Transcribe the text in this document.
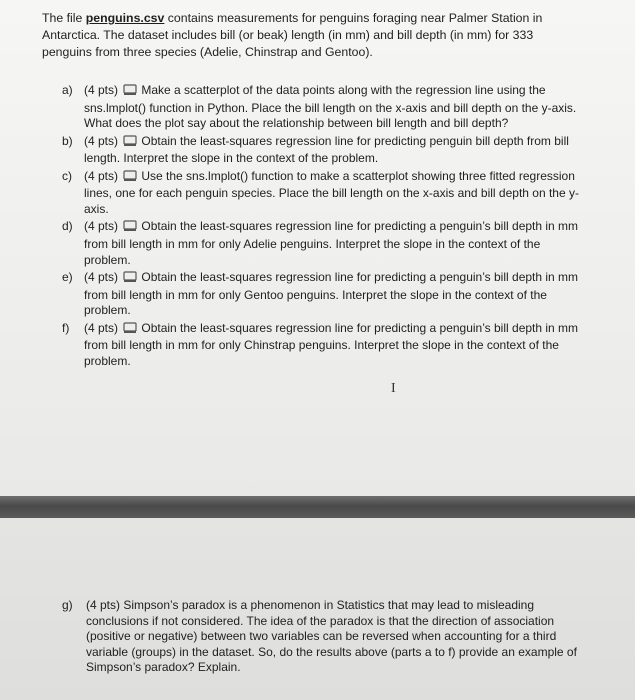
The file penguins.csv contains measurements for penguins foraging near Palmer Station in Antarctica. The dataset includes bill (or beak) length (in mm) and bill depth (in mm) for 333 penguins from three species (Adelie, Chinstrap and Gentoo).

a) (4 pts) Make a scatterplot of the data points along with the regression line using the sns.lmplot() function in Python. Place the bill length on the x-axis and bill depth on the y-axis. What does the plot say about the relationship between bill length and bill depth?
b) (4 pts) Obtain the least-squares regression line for predicting penguin bill depth from bill length. Interpret the slope in the context of the problem.
c)	(4 pts) Use the sns.lmplot() function to make a scatterplot showing three fitted regression lines, one for each penguin species. Place the bill length on the x-axis and bill depth on the y-axis.
d) (4 pts) Obtain the least-squares regression line for predicting a penguin’s bill depth in mm from bill length in mm for only Adelie penguins. Interpret the slope in the context of the problem.
e) (4 pts) Obtain the least-squares regression line for predicting a penguin’s bill depth in mm from bill length in mm for only Gentoo penguins. Interpret the slope in the context of the problem.
f)	(4 pts) Obtain the least-squares regression line for predicting a penguin’s bill depth in mm from bill length in mm for only Chinstrap penguins. Interpret the slope in the context of the problem.
I
g)	(4 pts) Simpson’s paradox is a phenomenon in Statistics that may lead to misleading conclusions if not considered. The idea of the paradox is that the direction of association (positive or negative) between two variables can be reversed when accounting for a third variable (groups) in the dataset. So, do the results above (parts a to f) provide an example of Simpson’s paradox? Explain.
